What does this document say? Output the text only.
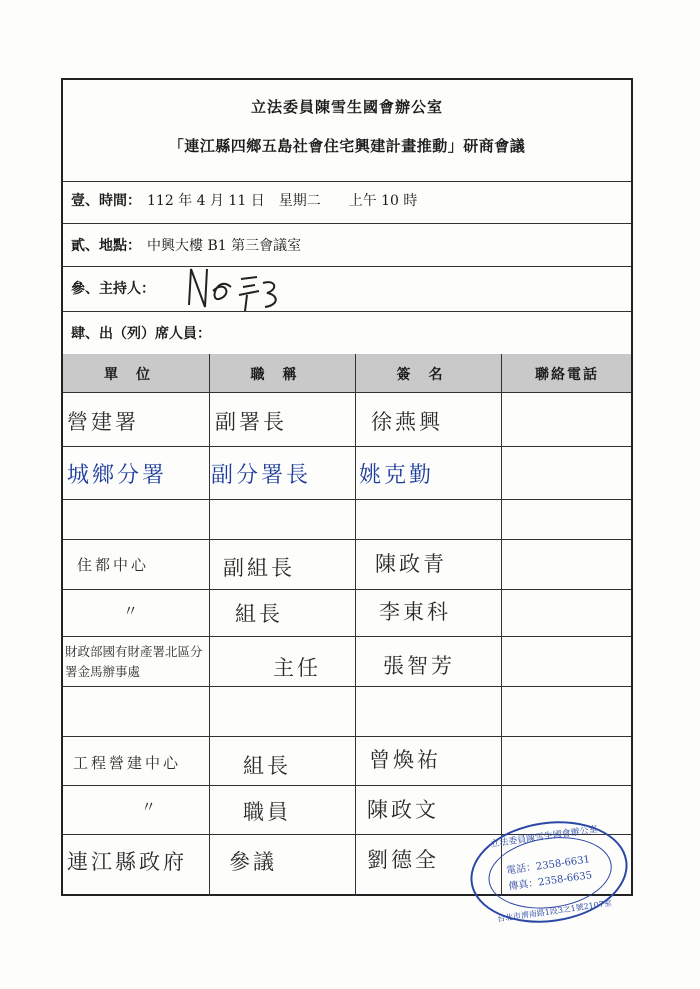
立法委員陳雪生國會辦公室
「連江縣四鄉五島社會住宅興建計畫推動」研商會議
壹、時間： 112 年 4 月 11 日　星期二　　上午 10 時
貳、地點： 中興大樓 B1 第三會議室
參、主持人：
肆、出（列）席人員：
單位	職稱	簽名	聯絡電話
營建署	副署長	徐燕興
城鄉分署 副分署長 姚克勤
住都中心	副組長	陳政青
〃	組長	李東科
財政部國有財產署北區分署金馬辦事處	主任	張智芳
工程營建中心	組長	曾煥祐
〃	職員	陳政文
連江縣政府 參議	劉德全
立法委員陳雪生國會辦公室
電話：2358-6631
傳真：2358-6635
台北市濟南路1段3之1號2107室
